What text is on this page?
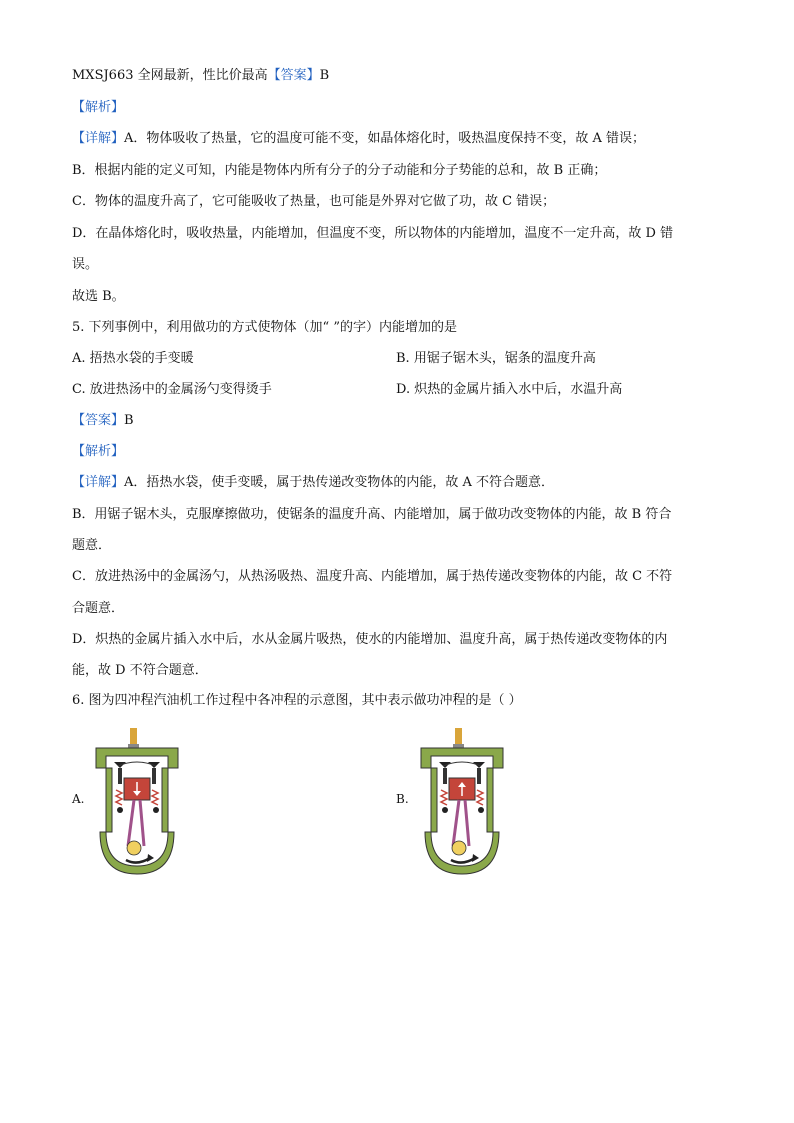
MXSJ663 全网最新，性比价最高【答案】B
【解析】
【详解】A．物体吸收了热量，它的温度可能不变，如晶体熔化时，吸热温度保持不变，故 A 错误；
B．根据内能的定义可知，内能是物体内所有分子的分子动能和分子势能的总和，故 B 正确；
C．物体的温度升高了，它可能吸收了热量，也可能是外界对它做了功，故 C 错误；
D．在晶体熔化时，吸收热量，内能增加，但温度不变，所以物体的内能增加，温度不一定升高，故 D 错
误。
故选 B。
5. 下列事例中，利用做功的方式使物体（加“ ”的字）内能增加的是
A. 捂热水袋的手变暖	B. 用锯子锯木头，锯条的温度升高
C. 放进热汤中的金属汤勺变得烫手	D. 炽热的金属片插入水中后，水温升高
【答案】B
【解析】
【详解】A．捂热水袋，使手变暖，属于热传递改变物体的内能，故 A 不符合题意．
B．用锯子锯木头，克服摩擦做功，使锯条的温度升高、内能增加，属于做功改变物体的内能，故 B 符合
题意．
C．放进热汤中的金属汤勺，从热汤吸热、温度升高、内能增加，属于热传递改变物体的内能，故 C 不符
合题意．
D．炽热的金属片插入水中后，水从金属片吸热，使水的内能增加、温度升高，属于热传递改变物体的内
能，故 D 不符合题意．
6. 图为四冲程汽油机工作过程中各冲程的示意图，其中表示做功冲程的是（ ）
A.	B.
